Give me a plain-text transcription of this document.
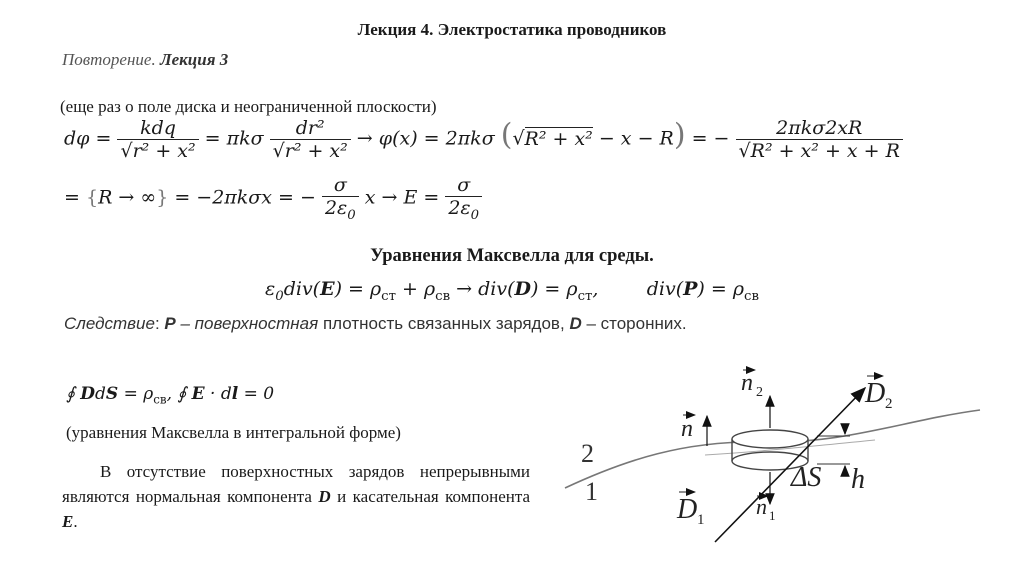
Лекция 4. Электростатика проводников
Повторение. Лекция 3
(еще раз о поле диска и неограниченной плоскости)
$d\varphi = \frac{\text{kdq}}{\text{√r² + x²}} = \pi k\sigma \frac{\text{dr²}}{\text{√r² + x²}} \to \varphi(x) = 2\pi k\sigma$ (√R² + x² − x − R) = − $\frac{\text{2πkσ2xR}}{\text{√R² + x² + x + R}}$
= {R → ∞} = −2πkσx = − $\frac{\sigma}{2\varepsilon_0}$ $x \to E = \frac{\sigma}{2\varepsilon_0}$
Уравнения Максвелла для среды.
$\varepsilon_0div(E) = \rho_{ст} + \rho_{св} \to div(D) = \rho_{ст}$,        $div(P) = \rho_{св}$
Следствие: P – поверхностная плотность связанных зарядов, D – сторонних.
∮ DdS = $\rho_{св}$, ∮ E · dl = 0
(уравнения Максвелла в интегральной форме)
В отсутствие поверхностных зарядов непрерывными являются нормальная компонента D и касательная компонента E.
2
1
n
n 2
n 1
D 2
D 1
ΔS h
